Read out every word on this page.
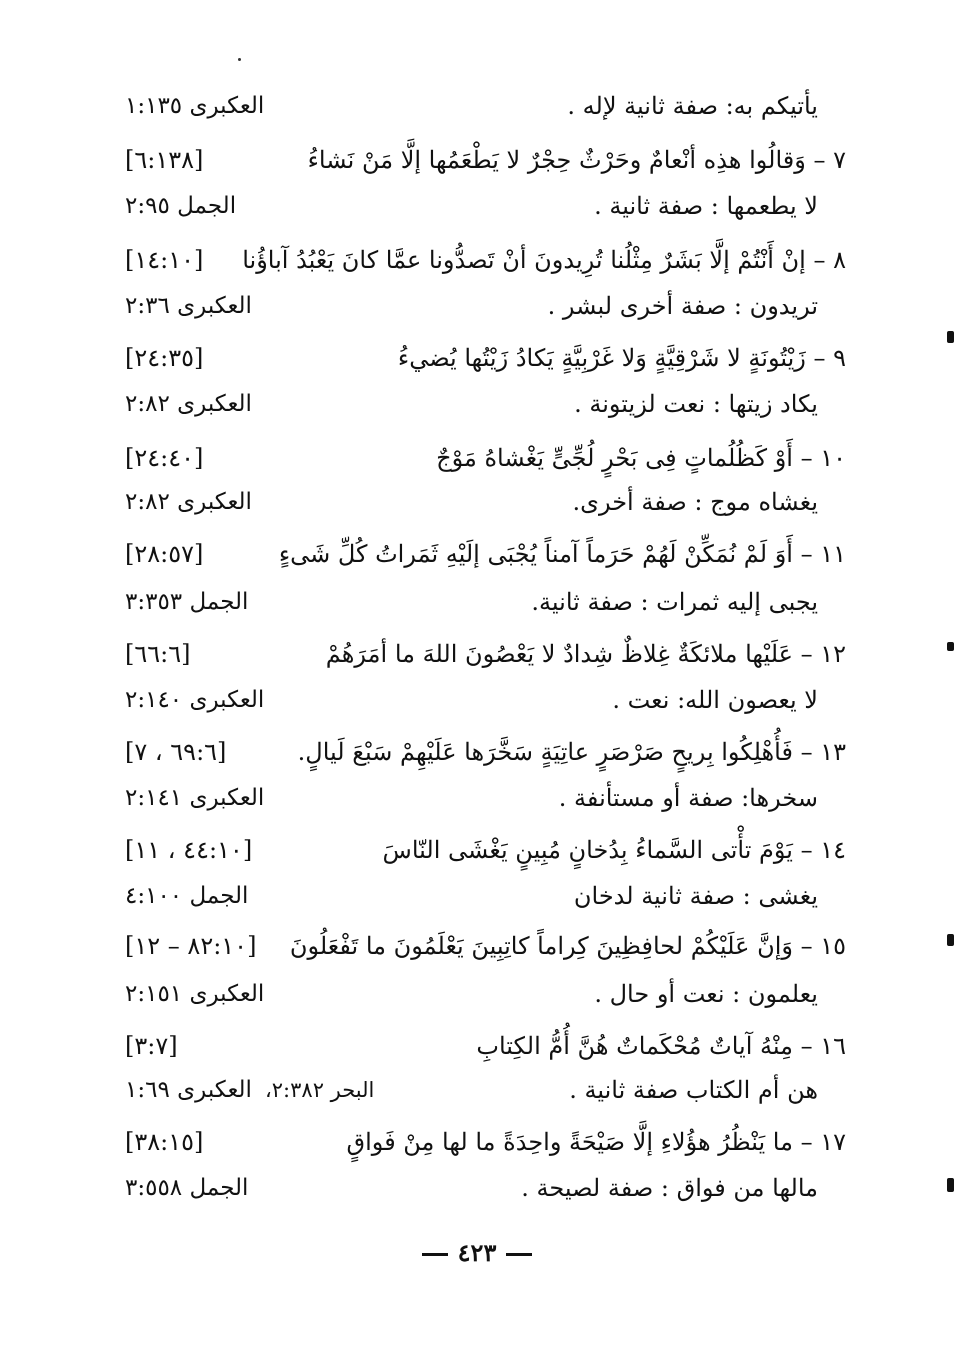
يأتيكم به: صفة ثانية لإله .
العكبرى ١:١٣٥
٧ – وَقالُوا هذِه أنْعامٌ وحَرْثٌ حِجْرٌ لا يَطْعَمُها إلَّا مَنْ نَشاءُ
[٦:١٣٨]
لا يطعمها : صفة ثانية .
الجمل ٢:٩٥
٨ – إنْ أَنْتُمْ إلَّا بَشَرٌ مِثْلُنا تُرِيدونَ أنْ تَصدُّونا عمَّا كانَ يَعْبُدُ آباؤُنا
[١٤:١٠]
تريدون : صفة أخرى لبشر .
العكبرى ٢:٣٦
٩ – زَيْتُونَةٍ لا شَرْقِيَّةٍ وَلا غَرْبِيَّةٍ يَكادُ زَيْتُها يُضيءُ
[٢٤:٣٥]
يكاد زيتها : نعت لزيتونة .
العكبرى ٢:٨٢
١٠ – أَوْ كَظُلُماتٍ فِى بَحْرٍ لُجِّىٍّ يَغْشاهُ مَوْجٌ
[٢٤:٤٠]
يغشاه موج : صفة أخرى.
العكبرى ٢:٨٢
١١ – أَوَ لَمْ نُمَكِّنْ لَهُمْ حَرَماً آمناً يُجْبَى إلَيْهِ ثَمَراتُ كُلِّ شَىءٍ
[٢٨:٥٧]
يجبى إليه ثمرات : صفة ثانية.
الجمل ٣:٣٥٣
١٢ – عَلَيْها ملائكَةٌ غِلاظٌ شِدادٌ لا يَعْصُونَ اللهَ ما أمَرَهُمْ
[٦٦:٦]
لا يعصون الله: نعت .
العكبرى ٢:١٤٠
١٣ – فَأُهْلِكُوا بِريحٍ صَرْصَرٍ عاتِيَةٍ سَخَّرَها عَلَيْهِمْ سَبْعَ لَيالٍ.
[٦٩:٦ ، ٧]
سخرها: صفة أو مستأنفة .
العكبرى ٢:١٤١
١٤ – يَوْمَ تأْتى السَّماءُ بِدُخانٍ مُبِينٍ يَغْشَى النّاسَ
[٤٤:١٠ ، ١١]
يغشى : صفة ثانية لدخان
الجمل ٤:١٠٠
١٥ – وَإنَّ عَلَيْكُمْ لحافِظِينَ كِراماً كاتِبِينَ يَعْلَمُونَ ما تَفْعَلُونَ
[٨٢:١٠ – ١٢]
يعلمون : نعت أو حال .
العكبرى ٢:١٥١
١٦ – مِنْهُ آياتٌ مُحْكَماتٌ هُنَّ أُمُّ الكِتابِ
[٣:٧]
هن أم الكتاب صفة ثانية .
البحر ٢:٣٨٢،
العكبرى ١:٦٩
١٧ – ما يَنْظُرُ هؤُلاءِ إلَّا صَيْحَةً واحِدَةً ما لها مِنْ فَواقٍ
[٣٨:١٥]
مالها من فواق : صفة لصيحة .
الجمل ٣:٥٥٨
٤٢٣
